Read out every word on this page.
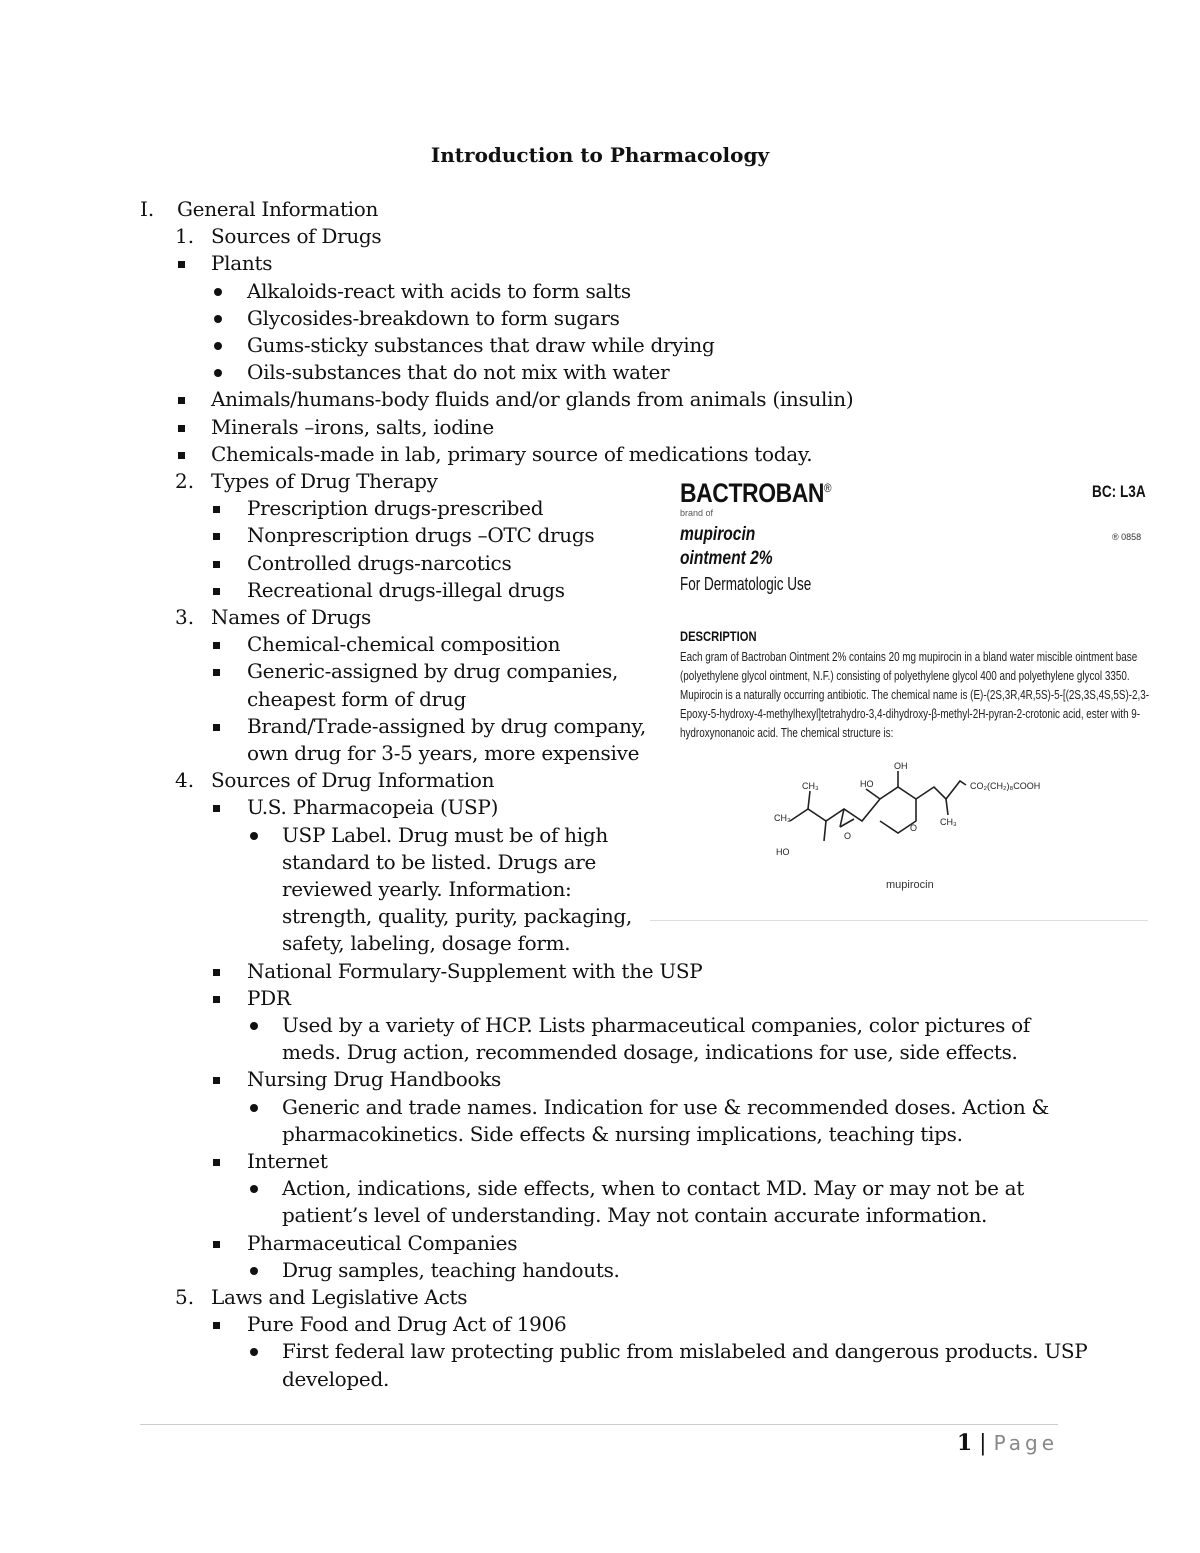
Introduction to Pharmacology
I. General Information
1. Sources of Drugs
Plants
Alkaloids-react with acids to form salts
Glycosides-breakdown to form sugars
Gums-sticky substances that draw while drying
Oils-substances that do not mix with water
Animals/humans-body fluids and/or glands from animals (insulin)
Minerals –irons, salts, iodine
Chemicals-made in lab, primary source of medications today.
2. Types of Drug Therapy
Prescription drugs-prescribed
Nonprescription drugs –OTC drugs
Controlled drugs-narcotics
Recreational drugs-illegal drugs
3. Names of Drugs
Chemical-chemical composition
Generic-assigned by drug companies,
cheapest form of drug
Brand/Trade-assigned by drug company,
own drug for 3-5 years, more expensive
4. Sources of Drug Information
U.S. Pharmacopeia (USP)
USP Label. Drug must be of high
standard to be listed. Drugs are
reviewed yearly. Information:
strength, quality, purity, packaging,
safety, labeling, dosage form.
National Formulary-Supplement with the USP
PDR
Used by a variety of HCP. Lists pharmaceutical companies, color pictures of
meds. Drug action, recommended dosage, indications for use, side effects.
Nursing Drug Handbooks
Generic and trade names. Indication for use & recommended doses. Action &
pharmacokinetics. Side effects & nursing implications, teaching tips.
Internet
Action, indications, side effects, when to contact MD. May or may not be at
patient’s level of understanding. May not contain accurate information.
Pharmaceutical Companies
Drug samples, teaching handouts.
5. Laws and Legislative Acts
Pure Food and Drug Act of 1906
First federal law protecting public from mislabeled and dangerous products. USP
developed.
BACTROBAN®	BC: L3A
brand of
® 0858
mupirocin
ointment 2%
For Dermatologic Use
DESCRIPTION
Each gram of Bactroban Ointment 2% contains 20 mg mupirocin in a bland water miscible ointment base (polyethylene glycol ointment, N.F.) consisting of polyethylene glycol 400 and polyethylene glycol 3350. Mupirocin is a naturally occurring antibiotic. The chemical name is (E)-(2S,3R,4R,5S)-5-[(2S,3S,4S,5S)-2,3-Epoxy-5-hydroxy-4-methylhexyl]tetrahydro-3,4-dihydroxy-β-methyl-2H-pyran-2-crotonic acid, ester with 9-hydroxynonanoic acid. The chemical structure is:
OH
HO
CH₃
CH₃	CH₃
O
O
HO
CO₂(CH₂)₈COOH
mupirocin
1 | Page
